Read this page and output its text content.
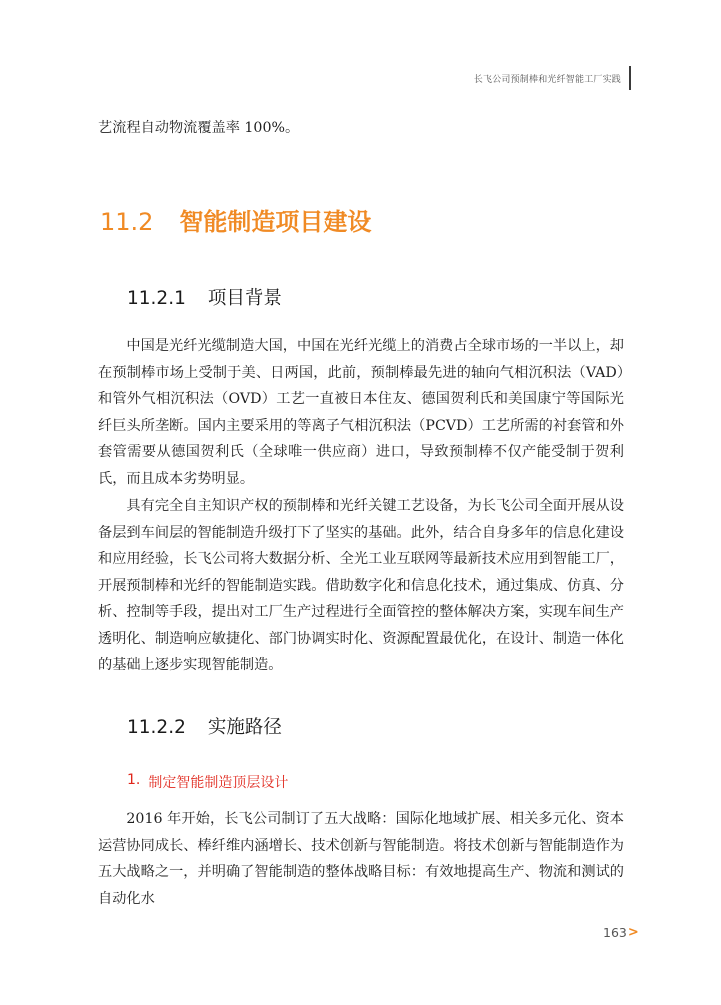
长飞公司预制棒和光纤智能工厂实践

艺流程自动物流覆盖率 100%。

11.2 智能制造项目建设
11.2.1 项目背景

中国是光纤光缆制造大国，中国在光纤光缆上的消费占全球市场的一半以上，却在预制棒市场上受制于美、日两国，此前，预制棒最先进的轴向气相沉积法（VAD）和管外气相沉积法（OVD）工艺一直被日本住友、德国贺利氏和美国康宁等国际光纤巨头所垄断。国内主要采用的等离子气相沉积法（PCVD）工艺所需的衬套管和外套管需要从德国贺利氏（全球唯一供应商）进口，导致预制棒不仅产能受制于贺利氏，而且成本劣势明显。

具有完全自主知识产权的预制棒和光纤关键工艺设备，为长飞公司全面开展从设备层到车间层的智能制造升级打下了坚实的基础。此外，结合自身多年的信息化建设和应用经验，长飞公司将大数据分析、全光工业互联网等最新技术应用到智能工厂，开展预制棒和光纤的智能制造实践。借助数字化和信息化技术，通过集成、仿真、分析、控制等手段，提出对工厂生产过程进行全面管控的整体解决方案，实现车间生产透明化、制造响应敏捷化、部门协调实时化、资源配置最优化，在设计、制造一体化的基础上逐步实现智能制造。

11.2.2 实施路径
1. 制定智能制造顶层设计

2016 年开始，长飞公司制订了五大战略：国际化地域扩展、相关多元化、资本运营协同成长、棒纤维内涵增长、技术创新与智能制造。将技术创新与智能制造作为五大战略之一，并明确了智能制造的整体战略目标：有效地提高生产、物流和测试的自动化水

163 >
